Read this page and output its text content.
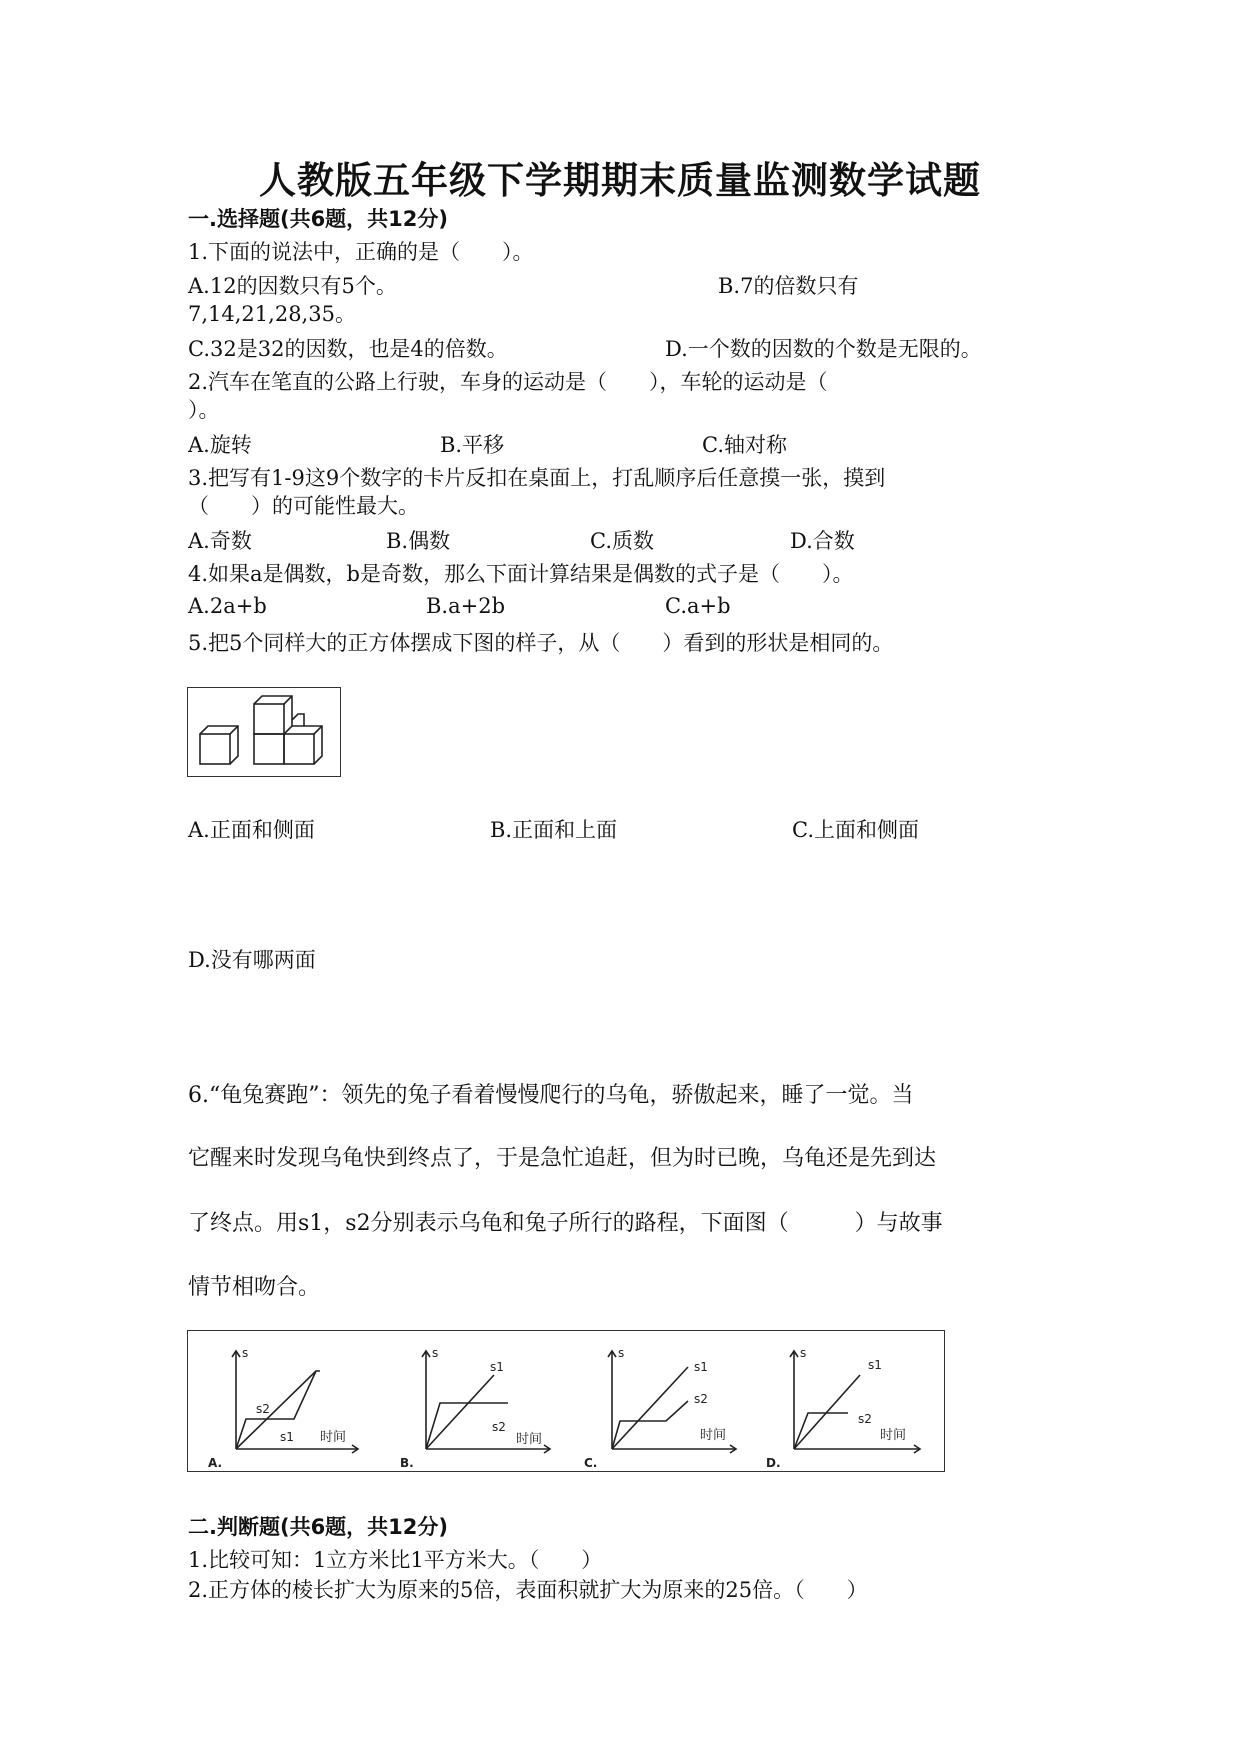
人教版五年级下学期期末质量监测数学试题
一.选择题(共6题，共12分)
1.下面的说法中，正确的是（　　）。
A.12的因数只有5个。	B.7的倍数只有
7,14,21,28,35。
C.32是32的因数，也是4的倍数。	D.一个数的因数的个数是无限的。
2.汽车在笔直的公路上行驶，车身的运动是（　　），车轮的运动是（
）。
A.旋转	B.平移	C.轴对称
3.把写有1-9这9个数字的卡片反扣在桌面上，打乱顺序后任意摸一张，摸到
（　　）的可能性最大。
A.奇数	B.偶数	C.质数	D.合数
4.如果a是偶数，b是奇数，那么下面计算结果是偶数的式子是（　　）。
A.2a+b	B.a+2b	C.a+b
5.把5个同样大的正方体摆成下图的样子，从（　　）看到的形状是相同的。
A.正面和侧面	B.正面和上面	C.上面和侧面
D.没有哪两面
6.“龟兔赛跑”：领先的兔子看着慢慢爬行的乌龟，骄傲起来，睡了一觉。当
它醒来时发现乌龟快到终点了，于是急忙追赶，但为时已晚，乌龟还是先到达
了终点。用s1，s2分别表示乌龟和兔子所行的路程，下面图（　　　）与故事
情节相吻合。
s
s2
s1 时间
A.
s
s1
s2
时间
B.
s
s1
s2
时间
C.
s
s1
s2
时间
D.
二.判断题(共6题，共12分)
1.比较可知：1立方米比1平方米大。（　　）
2.正方体的棱长扩大为原来的5倍，表面积就扩大为原来的25倍。（　　）
